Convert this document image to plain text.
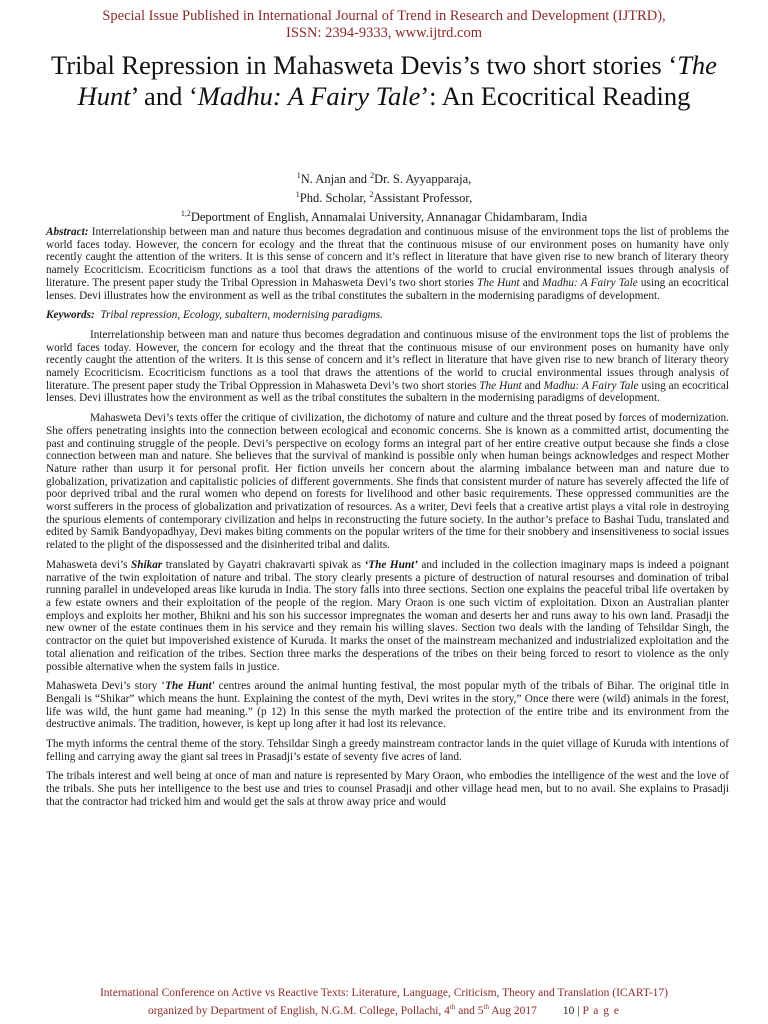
Special Issue Published in International Journal of Trend in Research and Development (IJTRD),
ISSN: 2394-9333, www.ijtrd.com
Tribal Repression in Mahasweta Devis’s two short stories ‘The Hunt’ and ‘Madhu: A Fairy Tale’: An Ecocritical Reading
$^1$N. Anjan and $^2$Dr. S. Ayyapparaja,
$^1$Phd. Scholar, $^2$Assistant Professor,
$^{1,2}$Deportment of English, Annamalai University, Annanagar Chidambaram, India

Abstract: Interrelationship between man and nature thus becomes degradation and continuous misuse of the environment tops the list of problems the world faces today. However, the concern for ecology and the threat that the continuous misuse of our environment poses on humanity have only recently caught the attention of the writers. It is this sense of concern and it’s reflect in literature that have given rise to new branch of literary theory namely Ecocriticism. Ecocriticism functions as a tool that draws the attentions of the world to crucial environmental issues through analysis of literature. The present paper study the Tribal Opression in Mahasweta Devi’s two short stories The Hunt and Madhu: A Fairy Tale using an ecocritical lenses. Devi illustrates how the environment as well as the tribal constitutes the subaltern in the modernising paradigms of development.

Keywords: Tribal repression, Ecology, subaltern, modernising paradigms.

Interrelationship between man and nature thus becomes degradation and continuous misuse of the environment tops the list of problems the world faces today. However, the concern for ecology and the threat that the continuous misuse of our environment poses on humanity have only recently caught the attention of the writers. It is this sense of concern and it’s reflect in literature that have given rise to new branch of literary theory namely Ecocriticism. Ecocriticism functions as a tool that draws the attentions of the world to crucial environmental issues through analysis of literature. The present paper study the Tribal Oppression in Mahasweta Devi’s two short stories The Hunt and Madhu: A Fairy Tale using an ecocritical lenses. Devi illustrates how the environment as well as the tribal constitutes the subaltern in the modernising paradigms of development.

Mahasweta Devi’s texts offer the critique of civilization, the dichotomy of nature and culture and the threat posed by forces of modernization. She offers penetrating insights into the connection between ecological and economic concerns. She is known as a committed artist, documenting the past and continuing struggle of the people. Devi’s perspective on ecology forms an integral part of her entire creative output because she finds a close connection between man and nature. She believes that the survival of mankind is possible only when human beings acknowledges and respect Mother Nature rather than usurp it for personal profit. Her fiction unveils her concern about the alarming imbalance between man and nature due to globalization, privatization and capitalistic policies of different governments. She finds that consistent murder of nature has severely affected the life of poor deprived tribal and the rural women who depend on forests for livelihood and other basic requirements. These oppressed communities are the worst sufferers in the process of globalization and privatization of resources. As a writer, Devi feels that a creative artist plays a vital role in destroying the spurious elements of contemporary civilization and helps in reconstructing the future society. In the author’s preface to Bashai Tudu, translated and edited by Samik Bandyopadhyay, Devi makes biting comments on the popular writers of the time for their snobbery and insensitiveness to social issues related to the plight of the dispossessed and the disinherited tribal and dalits.

Mahasweta devi’s Shikar translated by Gayatri chakravarti spivak as ‘The Hunt’ and included in the collection imaginary maps is indeed a poignant narrative of the twin exploitation of nature and tribal. The story clearly presents a picture of destruction of natural resourses and domination of tribal running parallel in undeveloped areas like kuruda in India. The story falls into three sections. Section one explains the peaceful tribal life overtaken by a few estate owners and their exploitation of the people of the region. Mary Oraon is one such victim of exploitation. Dixon an Australian planter employs and exploits her mother, Bhikni and his son his successor impregnates the woman and deserts her and runs away to his own land. Prasadji the new owner of the estate continues them in his service and they remain his willing slaves. Section two deals with the landing of Tehsildar Singh, the contractor on the quiet but impoverished existence of Kuruda. It marks the onset of the mainstream mechanized and industrialized exploitation and the total alienation and reification of the tribes. Section three marks the desperations of the tribes on their being forced to resort to violence as the only possible alternative when the system fails in justice.

Mahasweta Devi’s story ‘The Hunt’ centres around the animal hunting festival, the most popular myth of the tribals of Bihar. The original title in Bengali is “Shikar” which means the hunt. Explaining the contest of the myth, Devi writes in the story,” Once there were (wild) animals in the forest, life was wild, the hunt game had meaning.” (p 12) In this sense the myth marked the protection of the entire tribe and its environment from the destructive animals. The tradition, however, is kept up long after it had lost its relevance.

The myth informs the central theme of the story. Tehsildar Singh a greedy mainstream contractor lands in the quiet village of Kuruda with intentions of felling and carrying away the giant sal trees in Prasadji’s estate of seventy five acres of land.

The tribals interest and well being at once of man and nature is represented by Mary Oraon, who embodies the intelligence of the west and the love of the tribals. She puts her intelligence to the best use and tries to counsel Prasadji and other village head men, but to no avail. She explains to Prasadji that the contractor had tricked him and would get the sals at throw away price and would

International Conference on Active vs Reactive Texts: Literature, Language, Criticism, Theory and Translation (ICART-17)
organized by Department of English, N.G.M. College, Pollachi, 4th and 5th Aug 2017 10 | P a g e
